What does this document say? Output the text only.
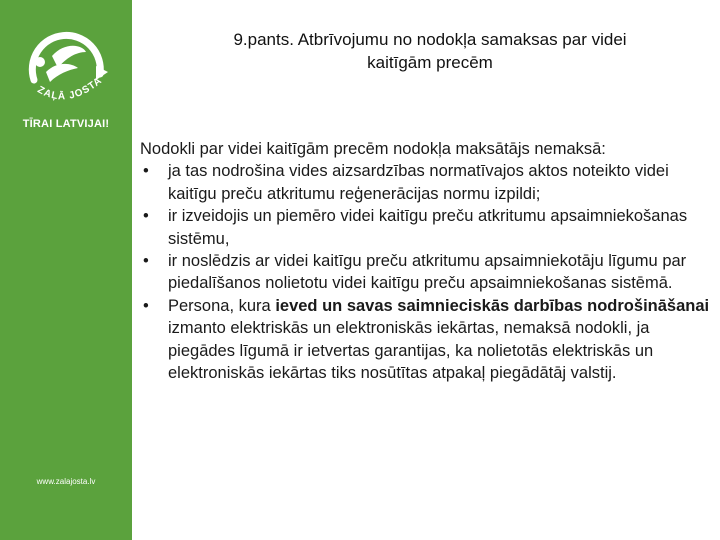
ZAĻĀ JOSTA
TĪRAI LATVIJAI!
www.zalajosta.lv
9.pants. Atbrīvojumu no nodokļa samaksas par videi
kaitīgām precēm
Nodokli par videi kaitīgām precēm nodokļa maksātājs nemaksā:
• ja tas nodrošina vides aizsardzības normatīvajos aktos noteikto videi kaitīgu preču atkritumu reģenerācijas normu izpildi;
• ir izveidojis un piemēro videi kaitīgu preču atkritumu apsaimniekošanas sistēmu,
• ir noslēdzis ar videi kaitīgu preču atkritumu apsaimniekotāju līgumu par piedalīšanos nolietotu videi kaitīgu preču apsaimniekošanas sistēmā.
• Persona, kura ieved un savas saimnieciskās darbības nodrošināšanai izmanto elektriskās un elektroniskās iekārtas, nemaksā nodokli, ja piegādes līgumā ir ietvertas garantijas, ka nolietotās elektriskās un elektroniskās iekārtas tiks nosūtītas atpakaļ piegādātāj valstij.
